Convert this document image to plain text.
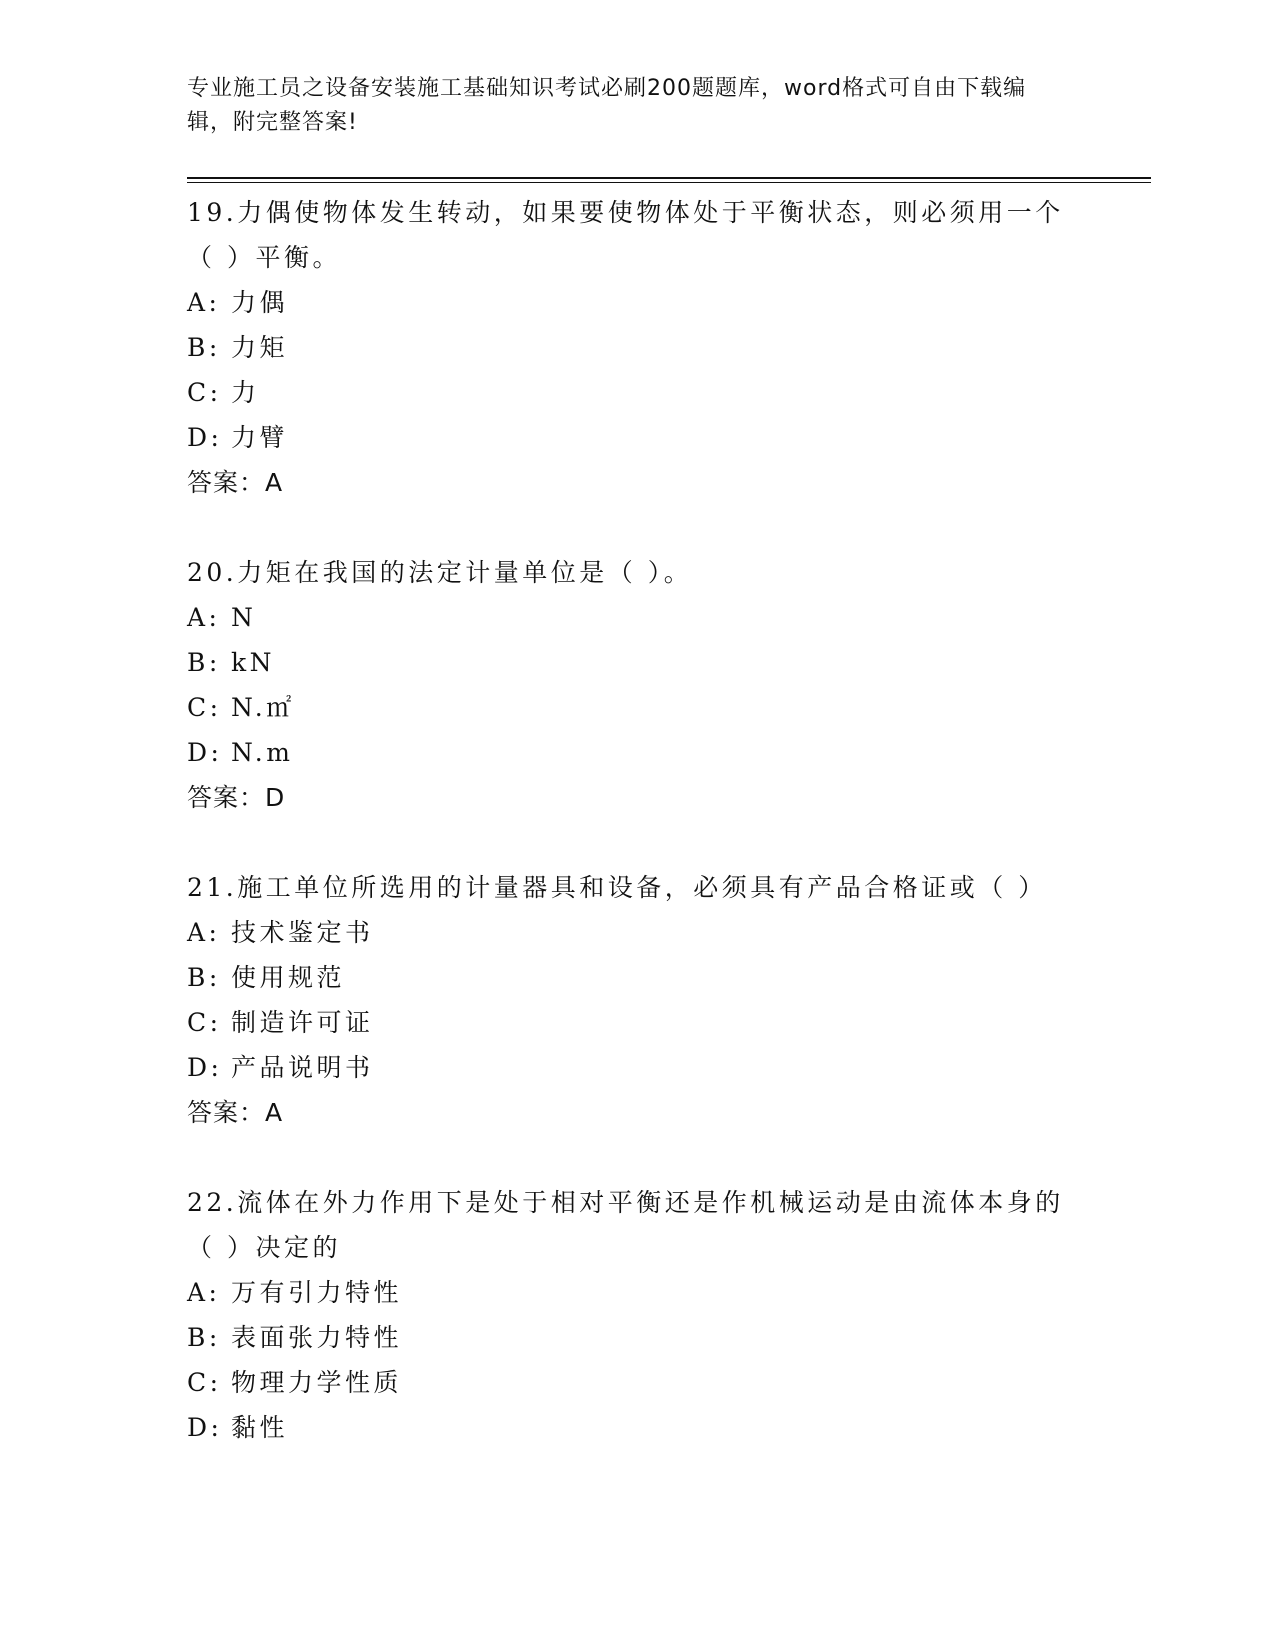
专业施工员之设备安装施工基础知识考试必刷200题题库，word格式可自由下载编辑，附完整答案!

19.力偶使物体发生转动，如果要使物体处于平衡状态，则必须用一个（ ）平衡。

A: 力偶
B: 力矩
C: 力
D: 力臂

答案：A

20.力矩在我国的法定计量单位是（ ）。

A: N
B: kN
C: N.㎡
D: N.m

答案：D

21.施工单位所选用的计量器具和设备，必须具有产品合格证或（ ）

A: 技术鉴定书
B: 使用规范
C: 制造许可证
D: 产品说明书

答案：A

22.流体在外力作用下是处于相对平衡还是作机械运动是由流体本身的（ ）决定的

A: 万有引力特性
B: 表面张力特性
C: 物理力学性质
D: 黏性
